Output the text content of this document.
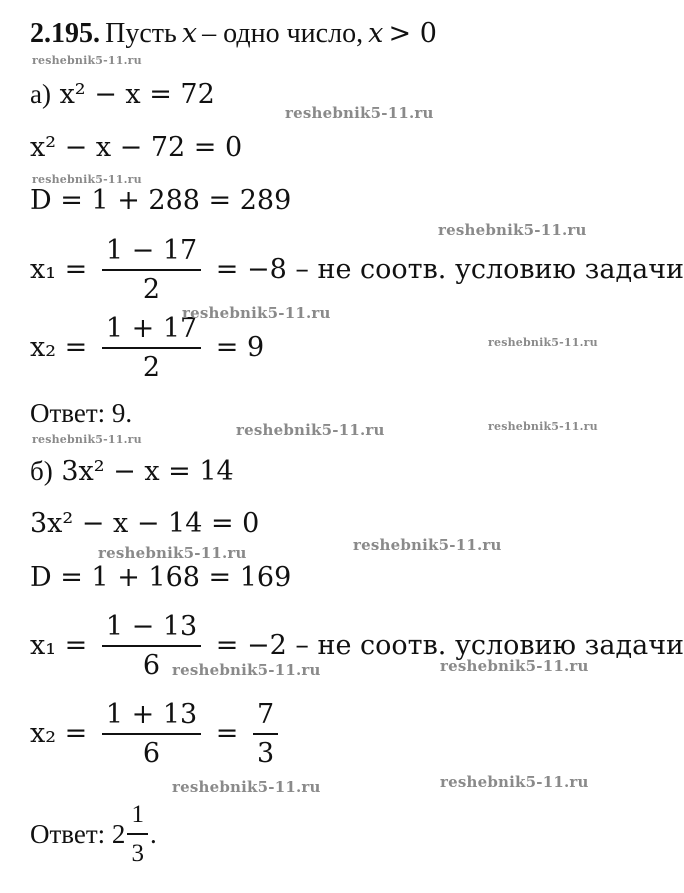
2.195. Пусть x – одно число, x > 0
а) x² − x = 72
x² − x − 72 = 0
D = 1 + 288 = 289
$x_1 = \frac{1 - 17}{2} = -8$ – не соотв. условию задачи
$x_2 = \frac{1 + 17}{2} = 9$
Ответ: 9.
б) 3x² − x = 14
3x² − x − 14 = 0
D = 1 + 168 = 169
$x_1 = \frac{1 - 13}{6} = -2$ – не соотв. условию задачи
$x_2 = \frac{1 + 13}{6} = \frac{7}{3}$
Ответ: $2 \frac{1}{3}$ .
reshebnik5-11.ru
reshebnik5-11.ru
reshebnik5-11.ru
reshebnik5-11.ru
reshebnik5-11.ru
reshebnik5-11.ru
reshebnik5-11.ru	reshebnik5-11.ru
reshebnik5-11.ru
reshebnik5-11.ru	reshebnik5-11.ru
reshebnik5-11.ru	reshebnik5-11.ru
reshebnik5-11.ru	reshebnik5-11.ru
